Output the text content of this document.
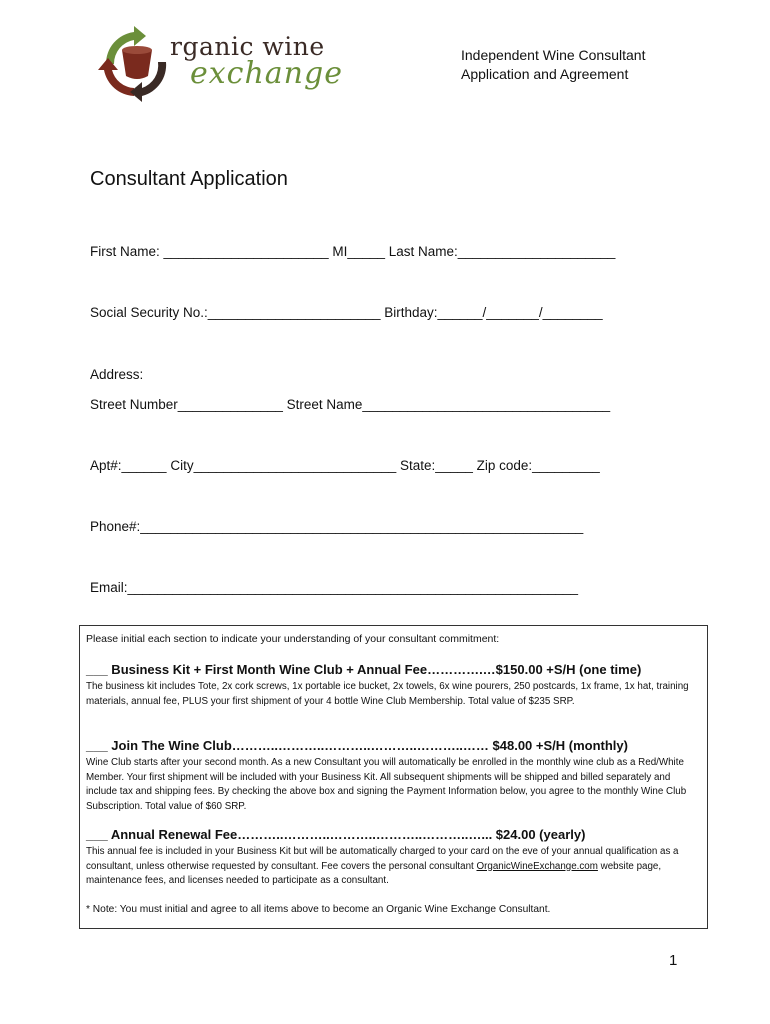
rganic wine
exchange
Independent Wine Consultant
Application and Agreement
Consultant Application
First Name: ______________________ MI_____ Last Name:_____________________
Social Security No.:_______________________ Birthday:______/_______/________
Address:
Street Number______________ Street Name_________________________________
Apt#:______ City___________________________ State:_____ Zip code:_________
Phone#:___________________________________________________________
Email:____________________________________________________________
Please initial each section to indicate your understanding of your consultant commitment:
___ Business Kit + First Month Wine Club + Annual Fee………….…$150.00 +S/H (one time)
The business kit includes Tote, 2x cork screws, 1x portable ice bucket, 2x towels, 6x wine pourers, 250 postcards, 1x frame, 1x hat, training materials, annual fee, PLUS your first shipment of your 4 bottle Wine Club Membership. Total value of $235 SRP.
___ Join The Wine Club………..………..………..………..………..…… $48.00 +S/H (monthly)
Wine Club starts after your second month. As a new Consultant you will automatically be enrolled in the monthly wine club as a Red/White Member. Your first shipment will be included with your Business Kit. All subsequent shipments will be shipped and billed separately and include tax and shipping fees. By checking the above box and signing the Payment Information below, you agree to the monthly Wine Club Subscription. Total value of $60 SRP.
___ Annual Renewal Fee………..………..………..………..………..…... $24.00 (yearly)
This annual fee is included in your Business Kit but will be automatically charged to your card on the eve of your annual qualification as a consultant, unless otherwise requested by consultant. Fee covers the personal consultant OrganicWineExchange.com website page, maintenance fees, and licenses needed to participate as a consultant.
* Note: You must initial and agree to all items above to become an Organic Wine Exchange Consultant.
1
